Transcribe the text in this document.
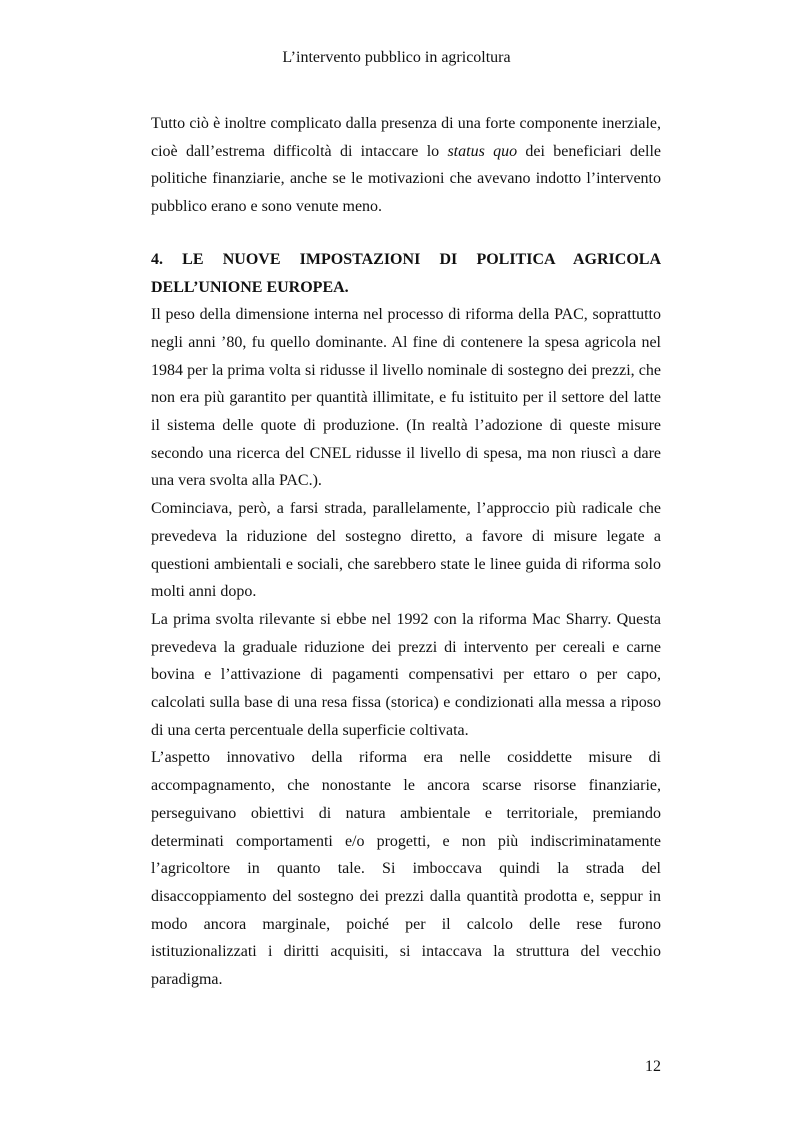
L’intervento pubblico in agricoltura

Tutto ciò è inoltre complicato dalla presenza di una forte componente inerziale, cioè dall’estrema difficoltà di intaccare lo status quo dei beneficiari delle politiche finanziarie, anche se le motivazioni che avevano indotto l’intervento pubblico erano e sono venute meno.

4. LE NUOVE IMPOSTAZIONI DI POLITICA AGRICOLA DELL’UNIONE EUROPEA.

Il peso della dimensione interna nel processo di riforma della PAC, soprattutto negli anni ’80, fu quello dominante. Al fine di contenere la spesa agricola nel 1984 per la prima volta si ridusse il livello nominale di sostegno dei prezzi, che non era più garantito per quantità illimitate, e fu istituito per il settore del latte il sistema delle quote di produzione. (In realtà l’adozione di queste misure secondo una ricerca del CNEL ridusse il livello di spesa, ma non riuscì a dare una vera svolta alla PAC.).

Cominciava, però, a farsi strada, parallelamente, l’approccio più radicale che prevedeva la riduzione del sostegno diretto, a favore di misure legate a questioni ambientali e sociali, che sarebbero state le linee guida di riforma solo molti anni dopo.

La prima svolta rilevante si ebbe nel 1992 con la riforma Mac Sharry. Questa prevedeva la graduale riduzione dei prezzi di intervento per cereali e carne bovina e l’attivazione di pagamenti compensativi per ettaro o per capo, calcolati sulla base di una resa fissa (storica) e condizionati alla messa a riposo di una certa percentuale della superficie coltivata.

L’aspetto innovativo della riforma era nelle cosiddette misure di accompagnamento, che nonostante le ancora scarse risorse finanziarie, perseguivano obiettivi di natura ambientale e territoriale, premiando determinati comportamenti e/o progetti, e non più indiscriminatamente l’agricoltore in quanto tale. Si imboccava quindi la strada del disaccoppiamento del sostegno dei prezzi dalla quantità prodotta e, seppur in modo ancora marginale, poiché per il calcolo delle rese furono istituzionalizzati i diritti acquisiti, si intaccava la struttura del vecchio paradigma.

12
